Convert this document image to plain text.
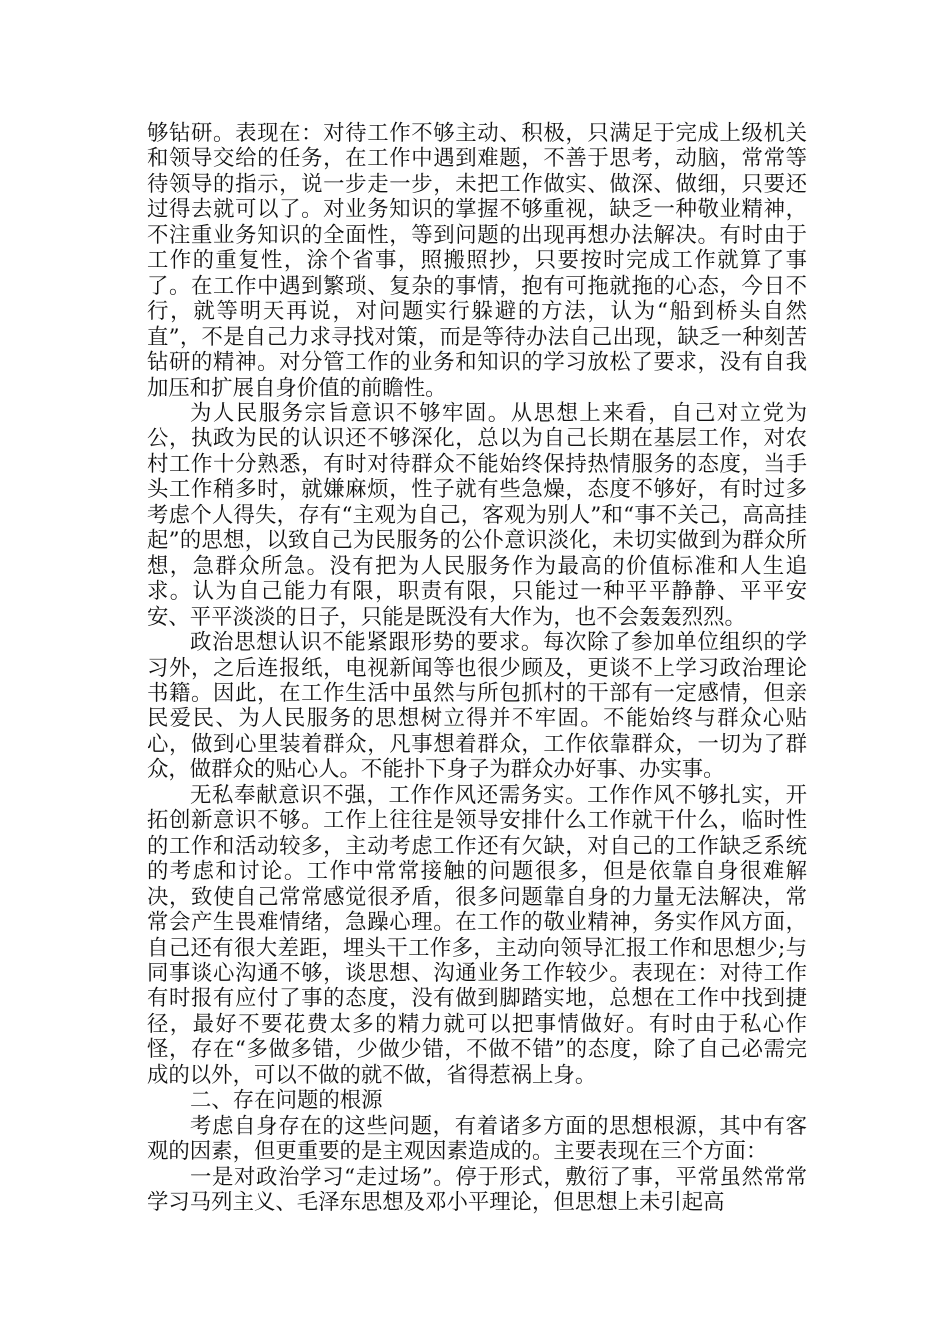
够钻研。表现在：对待工作不够主动、积极，只满足于完成上级机关和领导交给的任务，在工作中遇到难题，不善于思考，动脑，常常等待领导的指示，说一步走一步，未把工作做实、做深、做细，只要还过得去就可以了。对业务知识的掌握不够重视，缺乏一种敬业精神，不注重业务知识的全面性，等到问题的出现再想办法解决。有时由于工作的重复性，涂个省事，照搬照抄，只要按时完成工作就算了事了。在工作中遇到繁琐、复杂的事情，抱有可拖就拖的心态，今日不行，就等明天再说，对问题实行躲避的方法，认为“船到桥头自然直”，不是自己力求寻找对策，而是等待办法自己出现，缺乏一种刻苦钻研的精神。对分管工作的业务和知识的学习放松了要求，没有自我加压和扩展自身价值的前瞻性。

为人民服务宗旨意识不够牢固。从思想上来看，自己对立党为公，执政为民的认识还不够深化，总以为自己长期在基层工作，对农村工作十分熟悉，有时对待群众不能始终保持热情服务的态度，当手头工作稍多时，就嫌麻烦，性子就有些急燥，态度不够好，有时过多考虑个人得失，存有“主观为自己，客观为别人”和“事不关己，高高挂起”的思想，以致自己为民服务的公仆意识淡化，未切实做到为群众所想，急群众所急。没有把为人民服务作为最高的价值标准和人生追求。认为自己能力有限，职责有限，只能过一种平平静静、平平安安、平平淡淡的日子，只能是既没有大作为，也不会轰轰烈烈。

政治思想认识不能紧跟形势的要求。每次除了参加单位组织的学习外，之后连报纸，电视新闻等也很少顾及，更谈不上学习政治理论书籍。因此，在工作生活中虽然与所包抓村的干部有一定感情，但亲民爱民、为人民服务的思想树立得并不牢固。不能始终与群众心贴心，做到心里装着群众，凡事想着群众，工作依靠群众，一切为了群众，做群众的贴心人。不能扑下身子为群众办好事、办实事。

无私奉献意识不强，工作作风还需务实。工作作风不够扎实，开拓创新意识不够。工作上往往是领导安排什么工作就干什么，临时性的工作和活动较多，主动考虑工作还有欠缺，对自己的工作缺乏系统的考虑和讨论。工作中常常接触的问题很多，但是依靠自身很难解决，致使自己常常感觉很矛盾，很多问题靠自身的力量无法解决，常常会产生畏难情绪，急躁心理。在工作的敬业精神，务实作风方面，自己还有很大差距，埋头干工作多，主动向领导汇报工作和思想少;与同事谈心沟通不够，谈思想、沟通业务工作较少。表现在：对待工作有时报有应付了事的态度，没有做到脚踏实地，总想在工作中找到捷径，最好不要花费太多的精力就可以把事情做好。有时由于私心作怪，存在“多做多错，少做少错，不做不错”的态度，除了自己必需完成的以外，可以不做的就不做，省得惹祸上身。

二、存在问题的根源

考虑自身存在的这些问题，有着诸多方面的思想根源，其中有客观的因素，但更重要的是主观因素造成的。主要表现在三个方面：

一是对政治学习“走过场”。停于形式，敷衍了事，平常虽然常常学习马列主义、毛泽东思想及邓小平理论，但思想上未引起高
